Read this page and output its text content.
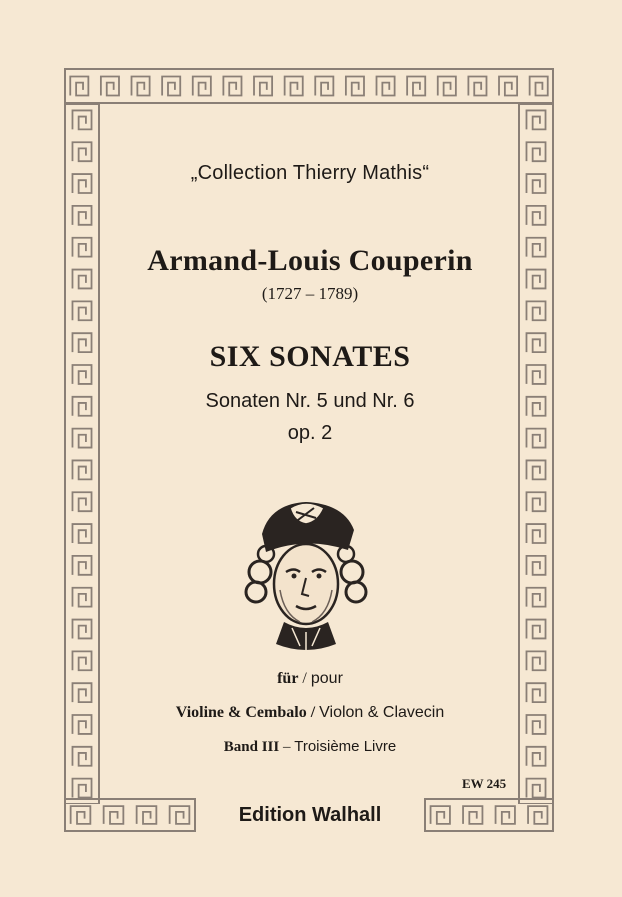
„Collection Thierry Mathis“
Armand-Louis Couperin
(1727 – 1789)
SIX SONATES
Sonaten Nr. 5 und Nr. 6
op. 2
für / pour
Violine & Cembalo / Violon & Clavecin
Band III – Troisième Livre
EW 245
Edition Walhall
